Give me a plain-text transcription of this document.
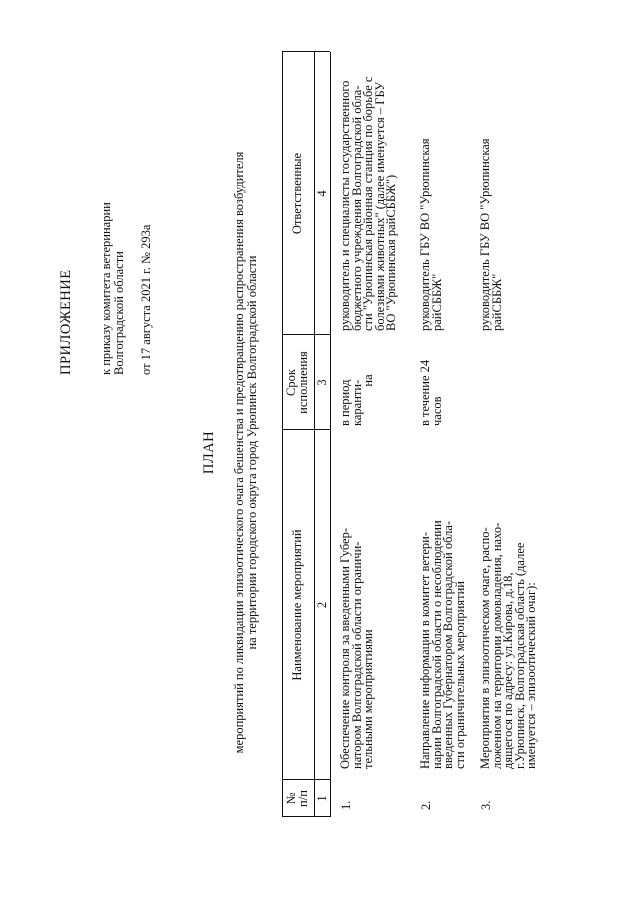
ПРИЛОЖЕНИЕ к приказу комитета ветеринарии Волгоградской области от 17 августа 2021 г. № 293а
ПЛАН мероприятий по ликвидации эпизоотического очага бешенства и предотвращению распространения возбудителя на территории городского округа город Урюпинск Волгоградской области
№
п/п
Наименование мероприятий
Срок
исполнения
Ответственные
1
2
3
4
1.
Обеспечение контроля за введенными Губер-
натором Волгоградской области ограничи-
тельными мероприятиями
в период каранти-
на
руководитель и специалисты государственного
бюджетного учреждения Волгоградской обла-
сти "Урюпинская районная станция по борьбе с
болезнями животных" (далее именуется – ГБУ
ВО "Урюпинская райСББЖ")
2.
Направление информации в комитет ветери-
нарии Волгоградской области о несоблюдении
введенных Губернатором Волгоградской обла-
сти ограничительных мероприятий
в течение 24 часов
руководитель ГБУ ВО "Урюпинская
райСББЖ"
3.
Мероприятия в эпизоотическом очаге, распо-
ложенном на территории домовладения, нахо-
дящегося по адресу: ул.Кирова, д.18,
г.Урюпинск, Волгоградская область (далее
именуется – эпизоотический очаг):
руководитель ГБУ ВО "Урюпинская
райСББЖ"
